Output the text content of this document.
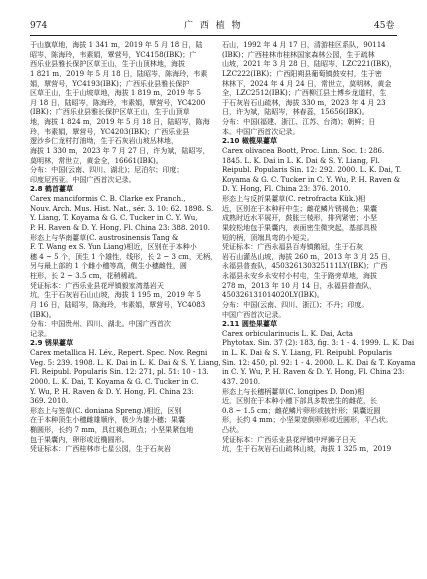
974	广 西 植 物	45卷
于山旗草地，海拔 1 341 m，2019 年 5 月 18 日，陆
昭岑，陈海玲，韦素娟，覃营号，YC4158(IBK)；广
西乐业县雅长保护区草王山，生于山顶林地，海拔
1 821 m，2019 年 5 月 18 日，陆昭岑，陈海玲，韦素
娟，覃营号，YC4193(IBK)；广西乐业县雅长保护
区草王山，生于山坡草地，海拔 1 819 m，2019 年 5
月 18 日，陆昭岑，陈海玲，韦素娟，覃营号，YC4200
(IBK)；广西乐业县雅长保护区草王山，生于山顶草
地，海拔 1 824 m，2019 年 5 月 18 日，陆昭岑，陈海
玲，韦素娟，覃营号，YC4203(IBK)；广西乐业县
逻沙乡仁龙村打油坳，生于石灰岩山坡丛林地，
海拔 1 330 m，2023 年 7 月 27 日，许为斌，陆昭岑，
莫明林，常世立，黄金全，16661(IBK)。
分布：中国(云南、四川、湖北)；尼泊尔；印度；
印度尼西亚。中国广西首次记录。
2.8 鹤首薹草
Carex manciformis C. B. Clarke ex Franch.,
Nouv. Arch. Mus. Hist. Nat., sér. 3. 10: 62. 1898. S.
Y. Liang, T. Koyama & G. C. Tucker in C. Y. Wu,
P. H. Raven & D. Y. Hong, Fl. China 23: 388. 2010.
形态上与华南薹草(C. austrosinensis Tang &
F. T. Wang ex S. Yun Liang)相近，区别在于本种小
穗 4 ~ 5 个，顶生 1 个雄性，线形，长 2 ~ 3 cm，无柄，
另与最上部的 1 个雌小穗等高，侧生小穗雌性，圆
柱形，长 2 ~ 3.5 cm，花稍稀疏。
凭证标本：广西乐业县花坪镇毅家湾基岩天
坑，生于石灰岩石山山坡，海拔 1 195 m，2019 年 5
月 16 日，陆昭岑，陈海玲，韦素娟，覃营号，YC4083
(IBK)。
分布：中国贵州、四川、湖北。中国广西首次
记录。
2.9 锈果薹草
Carex metallica H. Lév., Repert. Spec. Nov. Regni
Veg. 5: 239. 1908. L. K. Dai in L. K. Dai & S. Y. Liang,
Fl. Reipubl. Popularis Sin. 12: 271, pl. 51: 10 - 13.
2000. L. K. Dai, T. Koyama & G. C. Tucker in C.
Y. Wu, P. H. Raven & D. Y. Hong, Fl. China 23:
369. 2010.
形态上与签草(C. doniana Spreng.)相近，区别
在于本种顶生小穗雌雄顺序，极少为雄小穗；果囊
椭圆形，长约 7 mm，具红褐色斑点；小坚果紧包地
包于果囊内，卵形或近椭圆形。
凭证标本：广西桂林市七星公园，生于石灰岩
石山，1992 年 4 月 17 日，清游桂区系队，90114
(IBK)；广西桂林市桂林国家森林公园，生于疏林
山坡，2021 年 3 月 28 日，陆昭岑，LZC221(IBK)，
LZC222(IBK)；广西阳朔县葡萄镇鼓安村，生于密
林林下，2024 年 4 月 24 日，常世立，莫明林，黄金
全，LZC2512(IBK)；广西柳江县土博乡龙道村，生
于石灰岩石山疏林，海拔 330 m，2023 年 4 月 23
日，许为斌，陆昭岑，林春蕊，15656(IBK)。
分布：中国(福建、浙江、江苏、台湾)；朝鲜；日
本。中国广西首次记录。
2.10 橄榄果薹草
Carex olivacea Boott, Proc. Linn. Soc. 1: 286.
1845. L. K. Dai in L. K. Dai & S. Y. Liang, Fl.
Reipubl. Popularis Sin. 12: 292. 2000. L. K. Dai, T.
Koyama & G. C. Tucker in C. Y. Wu, P. H. Raven &
D. Y. Hong, Fl. China 23: 376. 2010.
形态上与反折果薹草(C. retrofracta Kük.)相
近，区别在于本种秆中生；雌花鳞片锈褐色；果囊
成熟时近水平展开，鼓胀三棱形，排列紧密；小坚
果较松地包于果囊内，表面密生微突起，基部具极
短的柄，顶端具弯的小短尖。
凭证标本：广西永福县百寿镇鹅冠，生于石灰
岩石山灌丛山坡，海拔 260 m，2013 年 3 月 25 日，
永福县普查队，450326130325111LY(IBK)；广西
永福县永安乡永安村小村屯，生于路旁草地，海拔
278 m，2013 年 10 月 14 日，永福县普查队，
450326131014020LY(IBK)。
分布：中国(云南、四川、浙江)；不丹；印度。
中国广西首次记录。
2.11 圆垫果薹草
Carex orbicularinucis L. K. Dai, Acta
Phytotax. Sin. 37 (2): 183, fig. 3: 1 - 4. 1999. L. K. Dai
in L. K. Dai & S. Y. Liang, Fl. Reipubl. Popularis
Sin. 12: 450, pl. 92: 1 - 4. 2000. L. K. Dai & T. Koyama
in C. Y. Wu, P. H. Raven & D. Y. Hong, Fl. China 23:
437. 2010.
形态上与长穗柄薹草(C. longipes D. Don)相
近，区别在于本种小穗下部具多数密生的雌花，长
0.8 ~ 1.5 cm；雌花鳞片卵形或披针形；果囊近圆
形，长约 4 mm；小坚果宽倒卵形或近圆形，平凸状。
凸状。
凭证标本：广西乐业县花坪镇中坪狮子日天
坑，生于石灰岩石山疏林山坡，海拔 1 325 m，2019
